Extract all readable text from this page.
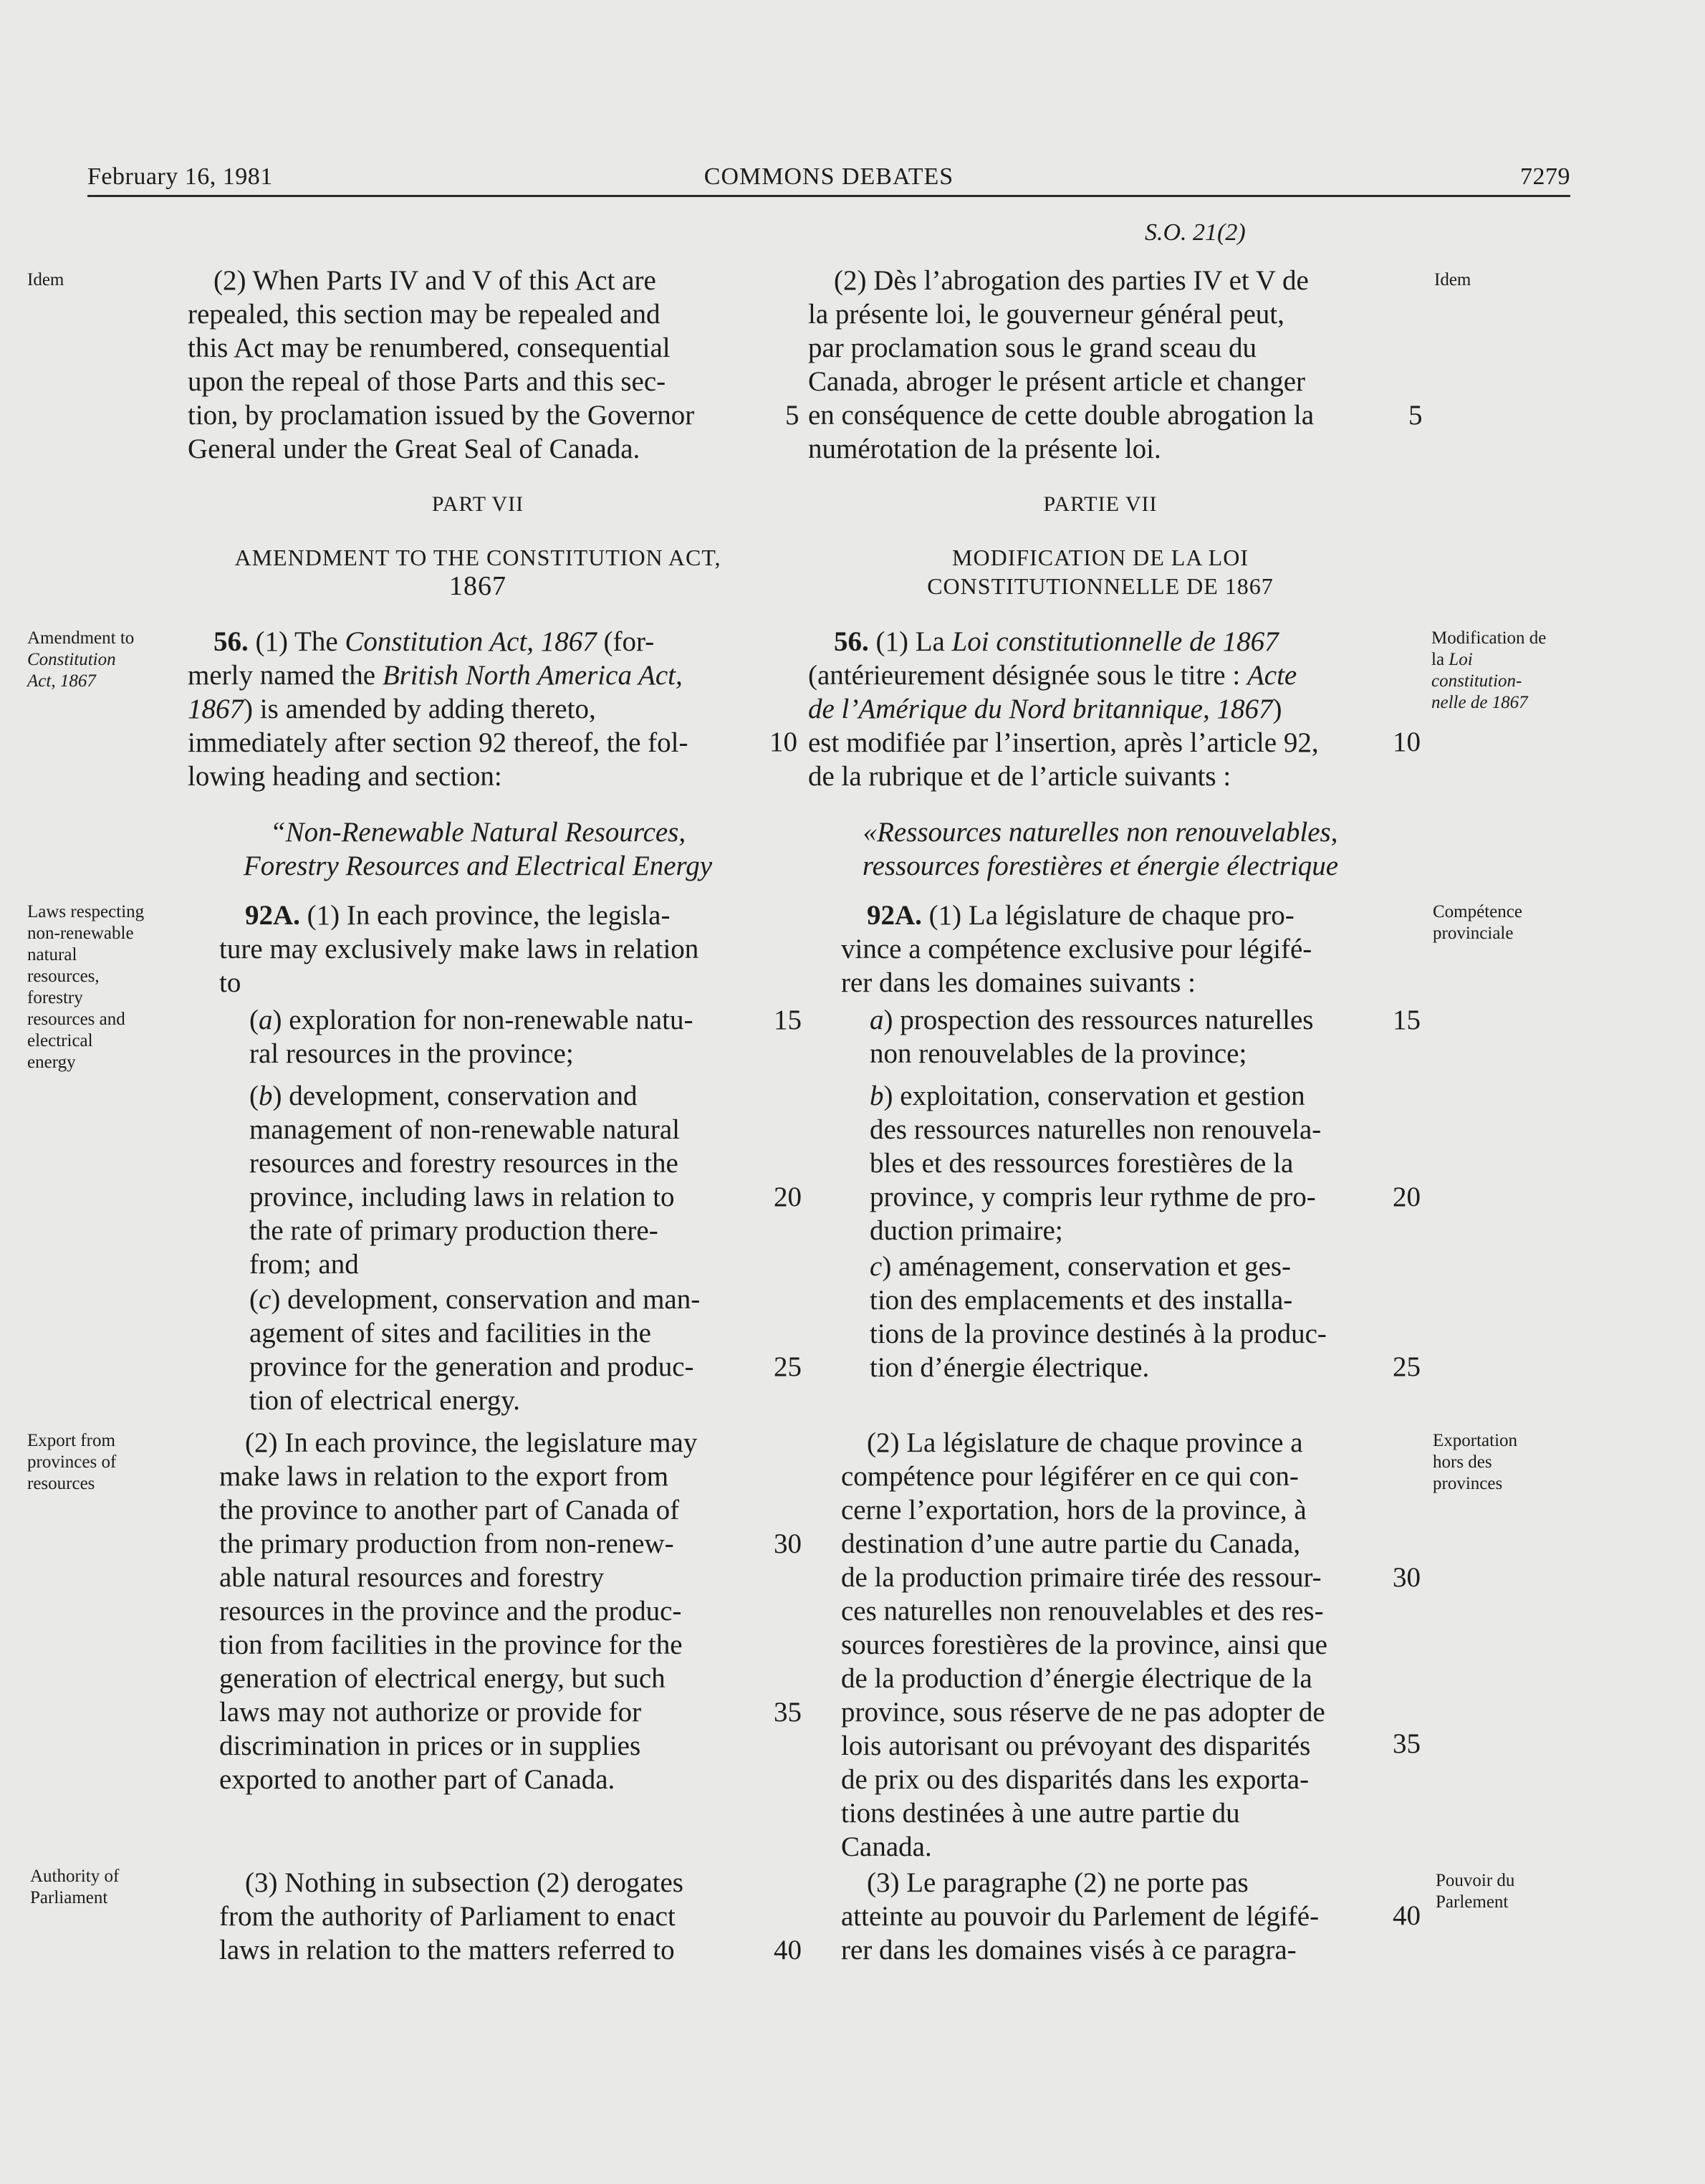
February 16, 1981	COMMONS DEBATES	7279
S.O. 21(2)
Idem
Amendment to
Constitution
Act, 1867
Laws respecting
non-renewable
natural
resources,
forestry
resources and
electrical
energy
Export from
provinces of
resources
Authority of
Parliament
Idem
Modification de
la Loi
constitution-
nelle de 1867
Compétence
provinciale
Exportation
hors des
provinces
Pouvoir du
Parlement
(2) When Parts IV and V of this Act are
repealed, this section may be repealed and
this Act may be renumbered, consequential
upon the repeal of those Parts and this sec-
tion, by proclamation issued by the Governor
General under the Great Seal of Canada.
PART VII
AMENDMENT TO THE CONSTITUTION ACT,
1867
56. (1) The Constitution Act, 1867 (for-
merly named the British North America Act,
1867) is amended by adding thereto,
immediately after section 92 thereof, the fol-
lowing heading and section:
“Non-Renewable Natural Resources,
Forestry Resources and Electrical Energy
92A. (1) In each province, the legisla-
ture may exclusively make laws in relation
to
(a) exploration for non-renewable natu-
ral resources in the province;
(b) development, conservation and
management of non-renewable natural
resources and forestry resources in the
province, including laws in relation to
the rate of primary production there-
from; and
(c) development, conservation and man-
agement of sites and facilities in the
province for the generation and produc-
tion of electrical energy.
(2) In each province, the legislature may
make laws in relation to the export from
the province to another part of Canada of
the primary production from non-renew-
able natural resources and forestry
resources in the province and the produc-
tion from facilities in the province for the
generation of electrical energy, but such
laws may not authorize or provide for
discrimination in prices or in supplies
exported to another part of Canada.
(3) Nothing in subsection (2) derogates
from the authority of Parliament to enact
laws in relation to the matters referred to
(2) Dès l’abrogation des parties IV et V de
la présente loi, le gouverneur général peut,
par proclamation sous le grand sceau du
Canada, abroger le présent article et changer
en conséquence de cette double abrogation la
numérotation de la présente loi.
PARTIE VII
MODIFICATION DE LA LOI
CONSTITUTIONNELLE DE 1867
56. (1) La Loi constitutionnelle de 1867
(antérieurement désignée sous le titre : Acte
de l’Amérique du Nord britannique, 1867)
est modifiée par l’insertion, après l’article 92,
de la rubrique et de l’article suivants :
«Ressources naturelles non renouvelables,
ressources forestières et énergie électrique
92A. (1) La législature de chaque pro-
vince a compétence exclusive pour légifé-
rer dans les domaines suivants :
a) prospection des ressources naturelles
non renouvelables de la province;
b) exploitation, conservation et gestion
des ressources naturelles non renouvela-
bles et des ressources forestières de la
province, y compris leur rythme de pro-
duction primaire;
c) aménagement, conservation et ges-
tion des emplacements et des installa-
tions de la province destinés à la produc-
tion d’énergie électrique.
(2) La législature de chaque province a
compétence pour légiférer en ce qui con-
cerne l’exportation, hors de la province, à
destination d’une autre partie du Canada,
de la production primaire tirée des ressour-
ces naturelles non renouvelables et des res-
sources forestières de la province, ainsi que
de la production d’énergie électrique de la
province, sous réserve de ne pas adopter de
lois autorisant ou prévoyant des disparités
de prix ou des disparités dans les exporta-
tions destinées à une autre partie du
Canada.
(3) Le paragraphe (2) ne porte pas
atteinte au pouvoir du Parlement de légifé-
rer dans les domaines visés à ce paragra-
5
10
15
20
25
30
35
40
5
10
15
20
25
30
35
40
